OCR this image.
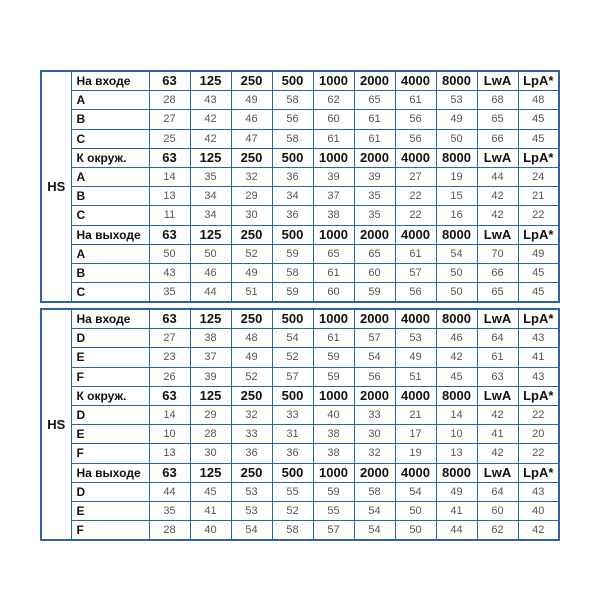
HS	На входе	63	125	250	500	1000	2000	4000	8000	LwA	LpA*
	A	28	43	49	58	62	65	61	53	68	48
	B	27	42	46	56	60	61	56	49	65	45
	C	25	42	47	58	61	61	56	50	66	45
	К окруж.	63	125	250	500	1000	2000	4000	8000	LwA	LpA*
	A	14	35	32	36	39	39	27	19	44	24
	B	13	34	29	34	37	35	22	15	42	21
	C	11	34	30	36	38	35	22	16	42	22
	На выходе	63	125	250	500	1000	2000	4000	8000	LwA	LpA*
	A	50	50	52	59	65	65	61	54	70	49
	B	43	46	49	58	61	60	57	50	66	45
	C	35	44	51	59	60	59	56	50	65	45
HS	На входе	63	125	250	500	1000	2000	4000	8000	LwA	LpA*
	D	27	38	48	54	61	57	53	46	64	43
	E	23	37	49	52	59	54	49	42	61	41
	F	26	39	52	57	59	56	51	45	63	43
	К окруж.	63	125	250	500	1000	2000	4000	8000	LwA	LpA*
	D	14	29	32	33	40	33	21	14	42	22
	E	10	28	33	31	38	30	17	10	41	20
	F	13	30	36	36	38	32	19	13	42	22
	На выходе	63	125	250	500	1000	2000	4000	8000	LwA	LpA*
	D	44	45	53	55	59	58	54	49	64	43
	E	35	41	53	52	55	54	50	41	60	40
	F	28	40	54	58	57	54	50	44	62	42
